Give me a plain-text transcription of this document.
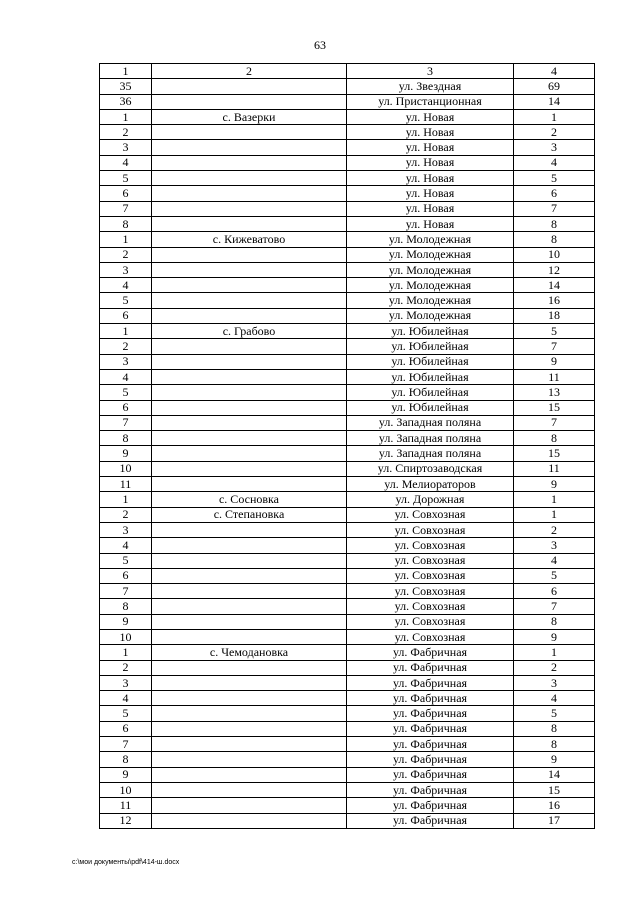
63
1	2	3	4
35		ул. Звездная	69
36		ул. Пристанционная	14
1	с. Вазерки	ул. Новая	1
2		ул. Новая	2
3		ул. Новая	3
4		ул. Новая	4
5		ул. Новая	5
6		ул. Новая	6
7		ул. Новая	7
8		ул. Новая	8
1	с. Кижеватово	ул. Молодежная	8
2		ул. Молодежная	10
3		ул. Молодежная	12
4		ул. Молодежная	14
5		ул. Молодежная	16
6		ул. Молодежная	18
1	с. Грабово	ул. Юбилейная	5
2		ул. Юбилейная	7
3		ул. Юбилейная	9
4		ул. Юбилейная	11
5		ул. Юбилейная	13
6		ул. Юбилейная	15
7		ул. Западная поляна	7
8		ул. Западная поляна	8
9		ул. Западная поляна	15
10		ул. Спиртозаводская	11
11		ул. Мелиораторов	9
1	с. Сосновка	ул. Дорожная	1
2	с. Степановка	ул. Совхозная	1
3		ул. Совхозная	2
4		ул. Совхозная	3
5		ул. Совхозная	4
6		ул. Совхозная	5
7		ул. Совхозная	6
8		ул. Совхозная	7
9		ул. Совхозная	8
10		ул. Совхозная	9
1	с. Чемодановка	ул. Фабричная	1
2		ул. Фабричная	2
3		ул. Фабричная	3
4		ул. Фабричная	4
5		ул. Фабричная	5
6		ул. Фабричная	8
7		ул. Фабричная	8
8		ул. Фабричная	9
9		ул. Фабричная	14
10		ул. Фабричная	15
11		ул. Фабричная	16
12		ул. Фабричная	17
c:\мои документы\pdf\414-ш.docx
